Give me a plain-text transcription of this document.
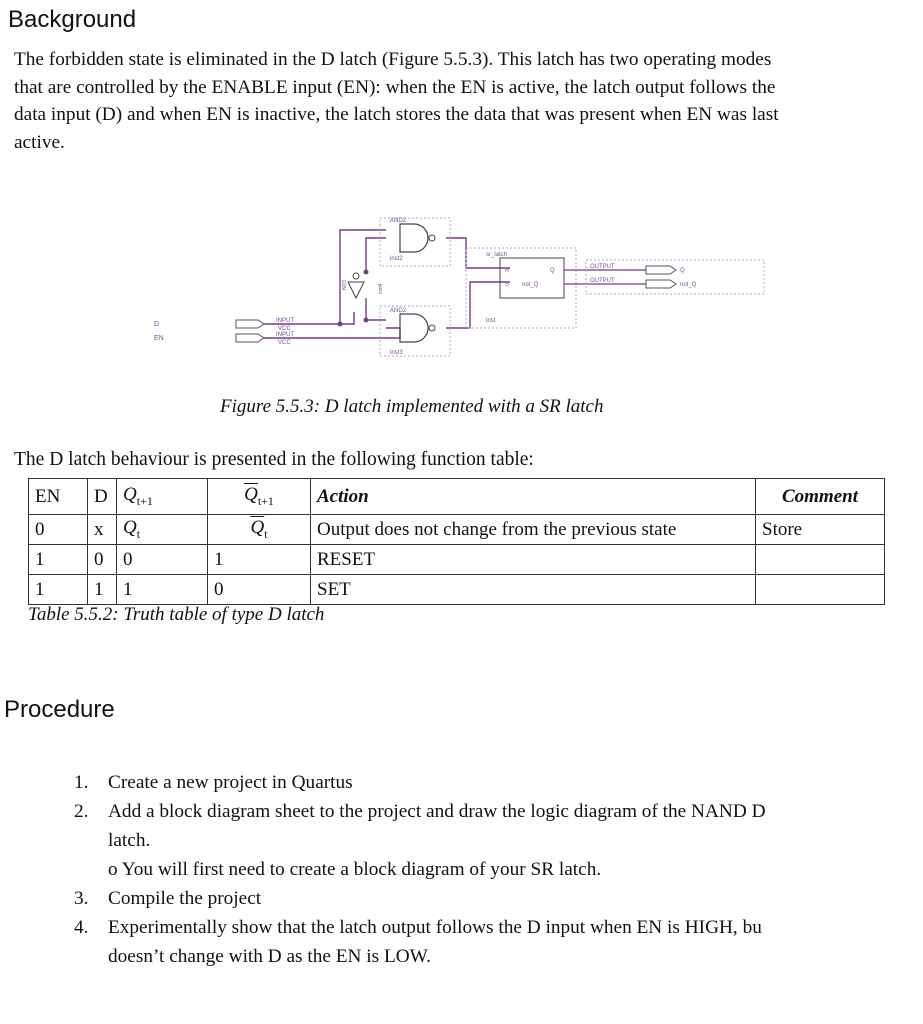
Background

The forbidden state is eliminated in the D latch (Figure 5.5.3). This latch has two operating modes
that are controlled by the ENABLE input (EN): when the EN is active, the latch output follows the
data input (D) and when EN is inactive, the latch stores the data that was present when EN was last
active.

D
EN
INPUT
VCC
INPUT
VCC
NOT	inst4
AND2
inst2
AND2
inst3
sr_latch
R
S
Q
not_Q
inst
OUTPUT
OUTPUT
Q
not_Q
Figure 5.5.3: D latch implemented with a SR latch
The D latch behaviour is presented in the following function table:
EN	D	$Q_{t+1}$	$\overline{Q}_{t+1}$	Action	Comment
0	x	$Q_t$	$\overline{Q}_t$	Output does not change from the previous state	Store
1	0	0	1	RESET	
1	1	1	0	SET	
Table 5.5.2: Truth table of type D latch
Procedure
1. Create a new project in Quartus
2. Add a block diagram sheet to the project and draw the logic diagram of the NAND D
latch.
o You will first need to create a block diagram of your SR latch.
3. Compile the project
4. Experimentally show that the latch output follows the D input when EN is HIGH, bu
doesn’t change with D as the EN is LOW.
